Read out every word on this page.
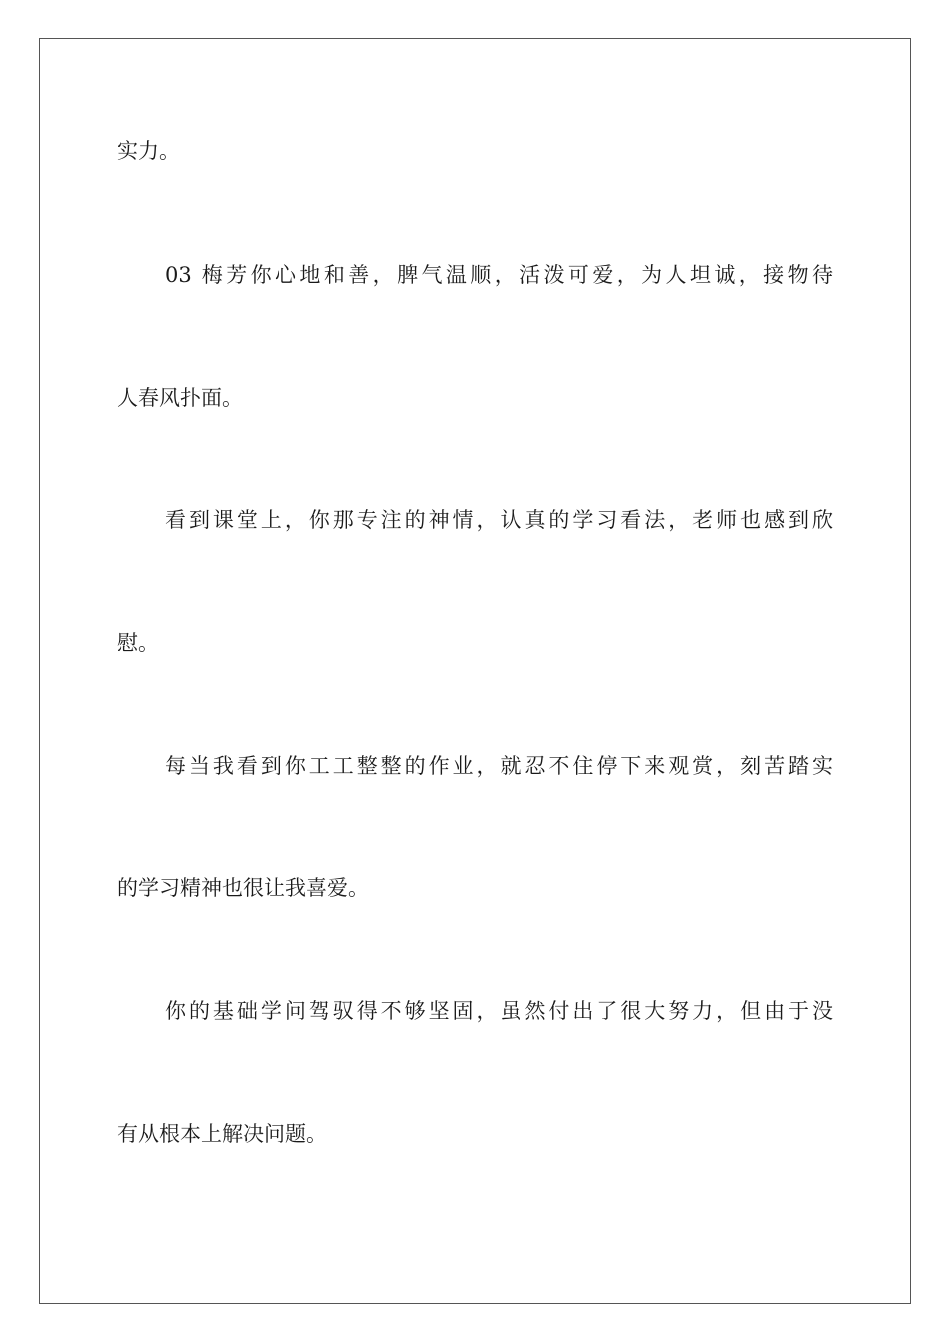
实力。
03 梅芳你心地和善，脾气温顺，活泼可爱，为人坦诚，接物待
人春风扑面。
看到课堂上，你那专注的神情，认真的学习看法，老师也感到欣
慰。
每当我看到你工工整整的作业，就忍不住停下来观赏，刻苦踏实
的学习精神也很让我喜爱。
你的基础学问驾驭得不够坚固，虽然付出了很大努力，但由于没
有从根本上解决问题。
